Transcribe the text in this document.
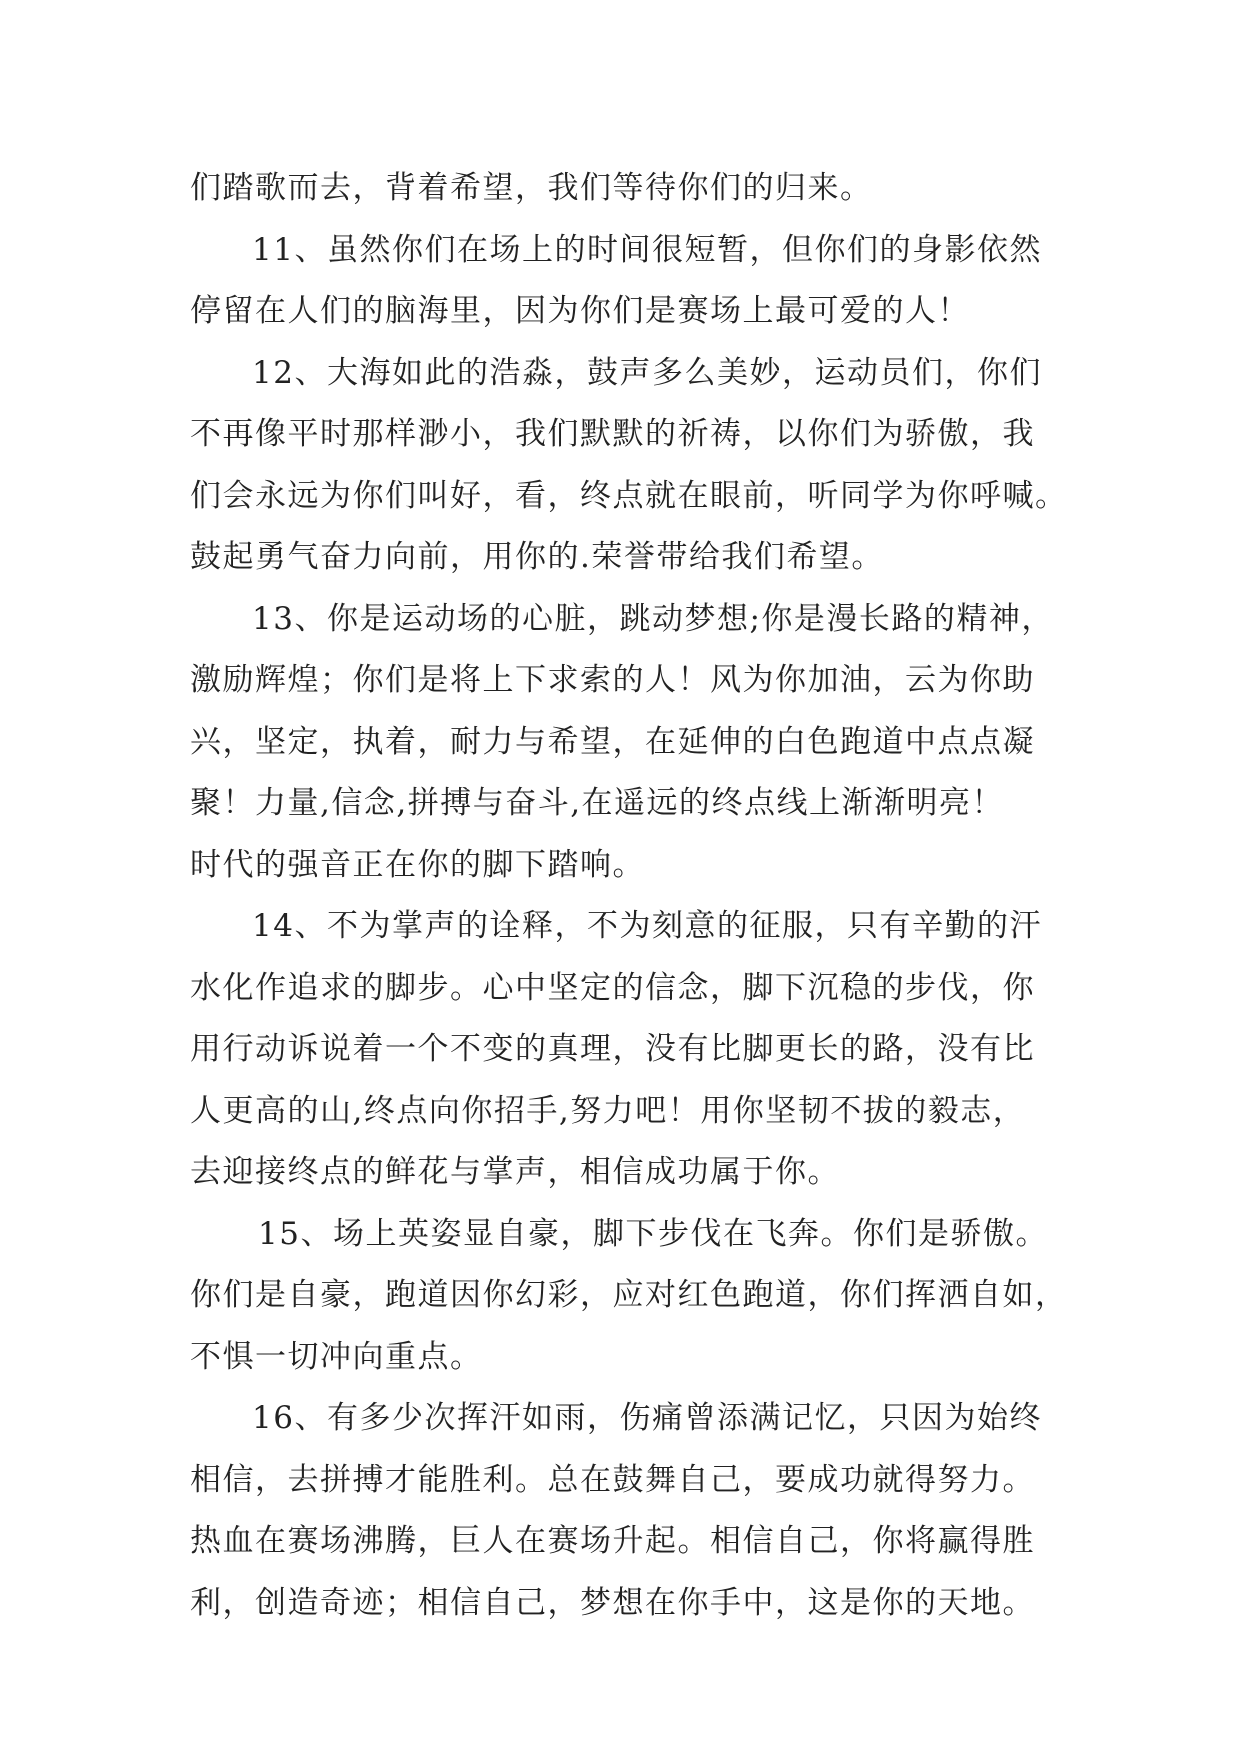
们踏歌而去，背着希望，我们等待你们的归来。
11、虽然你们在场上的时间很短暂，但你们的身影依然
停留在人们的脑海里，因为你们是赛场上最可爱的人！
12、大海如此的浩淼，鼓声多么美妙，运动员们，你们
不再像平时那样渺小，我们默默的祈祷，以你们为骄傲，我
们会永远为你们叫好，看，终点就在眼前，听同学为你呼喊。
鼓起勇气奋力向前，用你的.荣誉带给我们希望。
13、你是运动场的心脏，跳动梦想;你是漫长路的精神，
激励辉煌；你们是将上下求索的人！风为你加油，云为你助
兴，坚定，执着，耐力与希望，在延伸的白色跑道中点点凝
聚！力量,信念,拼搏与奋斗,在遥远的终点线上渐渐明亮！
时代的强音正在你的脚下踏响。
14、不为掌声的诠释，不为刻意的征服，只有辛勤的汗
水化作追求的脚步。心中坚定的信念，脚下沉稳的步伐，你
用行动诉说着一个不变的真理，没有比脚更长的路，没有比
人更高的山,终点向你招手,努力吧！用你坚韧不拔的毅志，
去迎接终点的鲜花与掌声，相信成功属于你。
15、场上英姿显自豪，脚下步伐在飞奔。你们是骄傲。
你们是自豪，跑道因你幻彩，应对红色跑道，你们挥洒自如，
不惧一切冲向重点。
16、有多少次挥汗如雨，伤痛曾添满记忆，只因为始终
相信，去拼搏才能胜利。总在鼓舞自己，要成功就得努力。
热血在赛场沸腾，巨人在赛场升起。相信自己，你将赢得胜
利，创造奇迹；相信自己，梦想在你手中，这是你的天地。
